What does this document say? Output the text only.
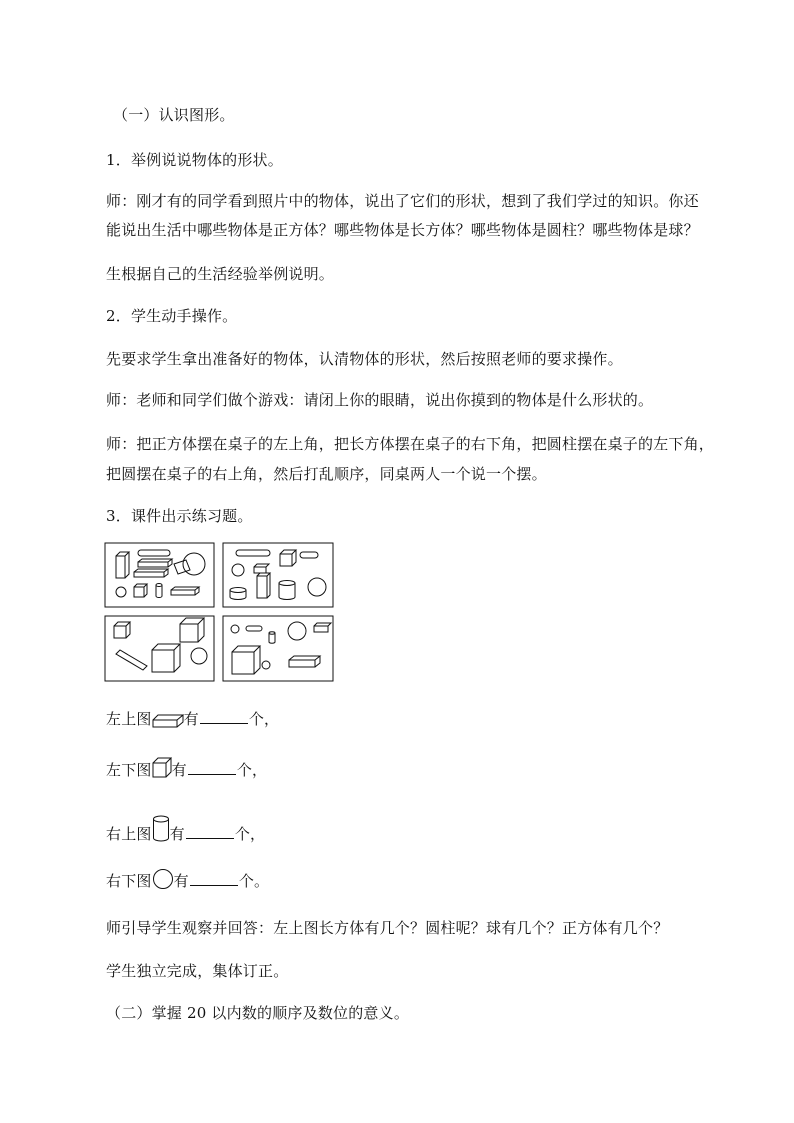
（一）认识图形。
1．举例说说物体的形状。
师：刚才有的同学看到照片中的物体，说出了它们的形状，想到了我们学过的知识。你还
能说出生活中哪些物体是正方体？哪些物体是长方体？哪些物体是圆柱？哪些物体是球？
生根据自己的生活经验举例说明。
2．学生动手操作。
先要求学生拿出准备好的物体，认清物体的形状，然后按照老师的要求操作。
师：老师和同学们做个游戏：请闭上你的眼睛，说出你摸到的物体是什么形状的。
师：把正方体摆在桌子的左上角，把长方体摆在桌子的右下角，把圆柱摆在桌子的左下角，
把圆摆在桌子的右上角，然后打乱顺序，同桌两人一个说一个摆。
3．课件出示练习题。
左上图 有	个，
左下图 有	个，
右上图 有	个，
右下图 有	个。
师引导学生观察并回答：左上图长方体有几个？圆柱呢？球有几个？正方体有几个？
学生独立完成，集体订正。
（二）掌握 20 以内数的顺序及数位的意义。
